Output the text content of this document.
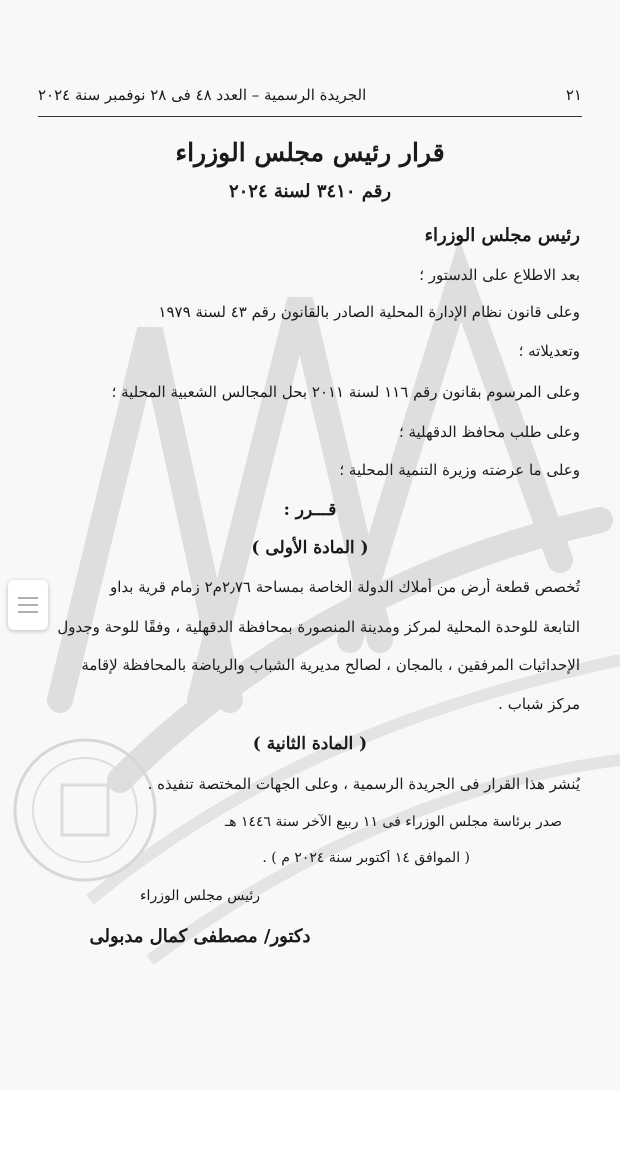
٢١
الجريدة الرسمية – العدد ٤٨ فى ٢٨ نوفمبر سنة ٢٠٢٤
قرار رئيس مجلس الوزراء
رقم ٣٤١٠ لسنة ٢٠٢٤
رئيس مجلس الوزراء
بعد الاطلاع على الدستور ؛
وعلى قانون نظام الإدارة المحلية الصادر بالقانون رقم ٤٣ لسنة ١٩٧٩
وتعديلاته ؛
وعلى المرسوم بقانون رقم ١١٦ لسنة ٢٠١١ بحل المجالس الشعبية المحلية ؛
وعلى طلب محافظ الدقهلية ؛
وعلى ما عرضته وزيرة التنمية المحلية ؛
قـــرر :
( المادة الأولى )
تُخصص قطعة أرض من أملاك الدولة الخاصة بمساحة ٢٫٧٦م٢ زمام قرية بداو
التابعة للوحدة المحلية لمركز ومدينة المنصورة بمحافظة الدقهلية ، وفقًا للوحة وجدول
الإحداثيات المرفقين ، بالمجان ، لصالح مديرية الشباب والرياضة بالمحافظة لإقامة
مركز شباب .
( المادة الثانية )
يُنشر هذا القرار فى الجريدة الرسمية ، وعلى الجهات المختصة تنفيذه .
صدر برئاسة مجلس الوزراء فى ١١ ربيع الآخر سنة ١٤٤٦ هـ
( الموافق ١٤ أكتوبر سنة ٢٠٢٤ م ) .
رئيس مجلس الوزراء
دكتور/ مصطفى كمال مدبولى
